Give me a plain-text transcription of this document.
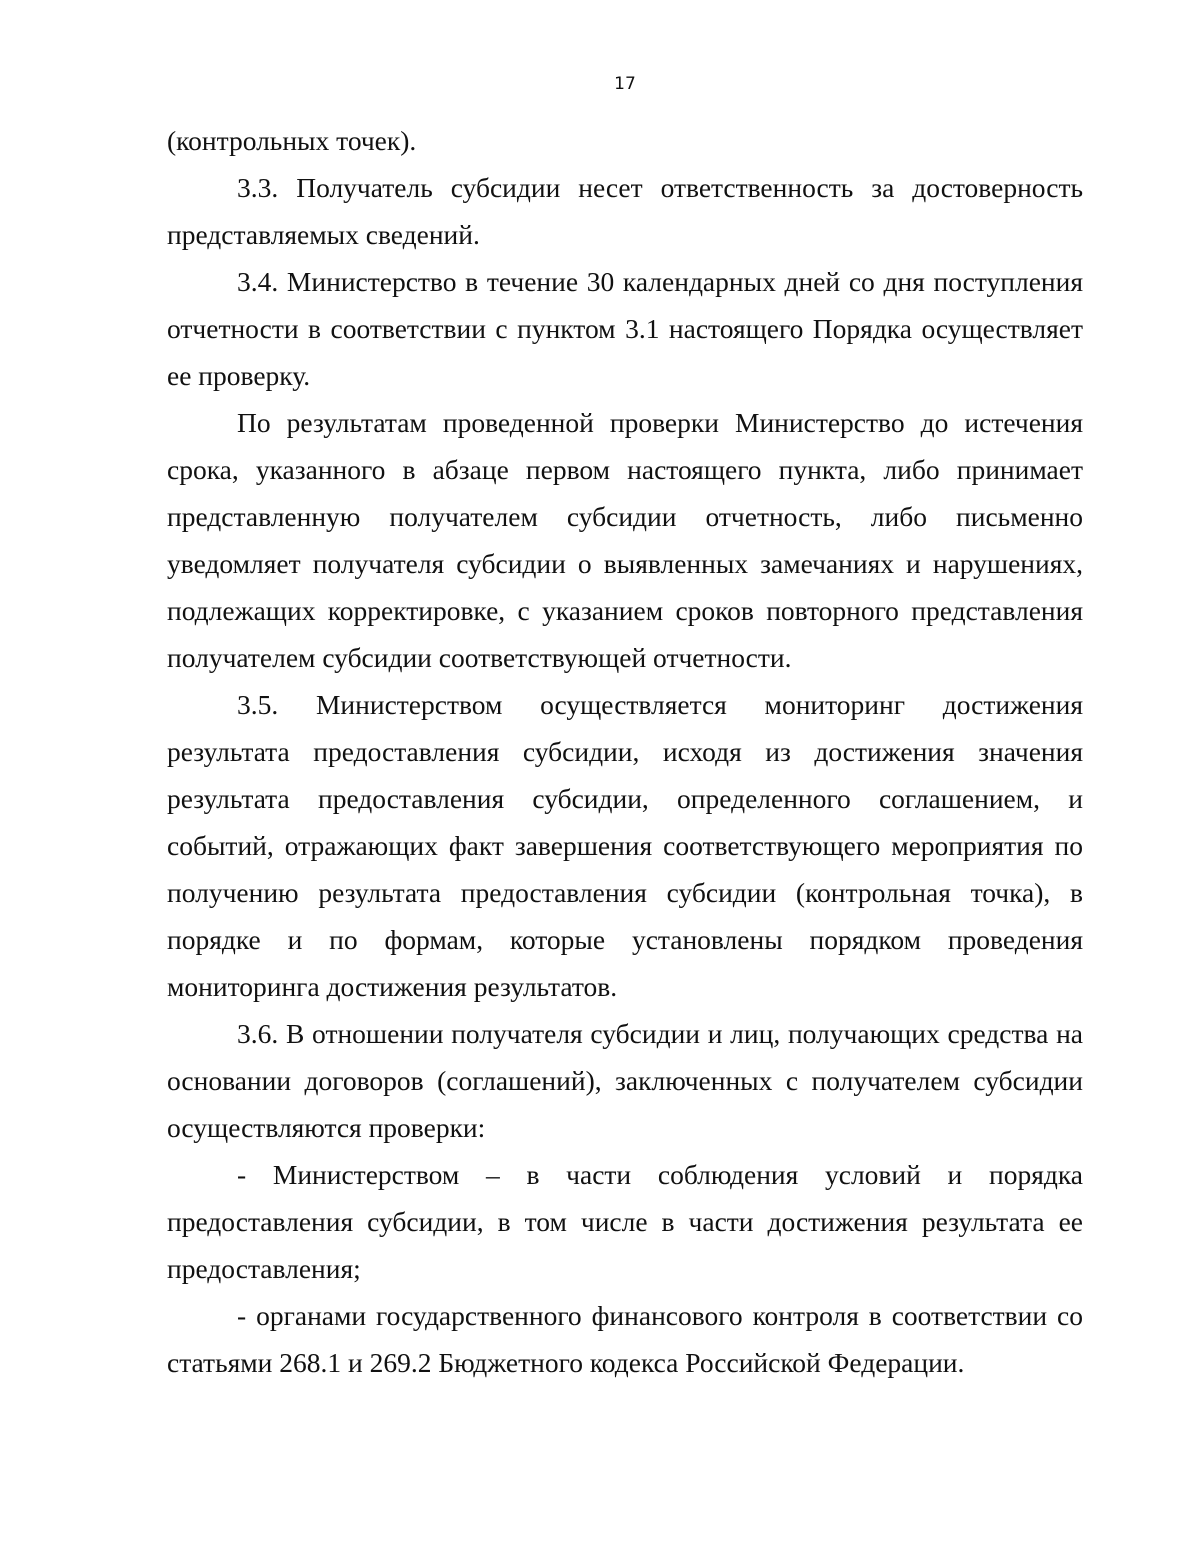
17

(контрольных точек).

3.3. Получатель субсидии несет ответственность за достоверность представляемых сведений.

3.4. Министерство в течение 30 календарных дней со дня поступления отчетности в соответствии с пунктом 3.1 настоящего Порядка осуществляет ее проверку.

По результатам проведенной проверки Министерство до истечения срока, указанного в абзаце первом настоящего пункта, либо принимает представленную получателем субсидии отчетность, либо письменно уведомляет получателя субсидии о выявленных замечаниях и нарушениях, подлежащих корректировке, с указанием сроков повторного представления получателем субсидии соответствующей отчетности.

3.5. Министерством осуществляется мониторинг достижения результата предоставления субсидии, исходя из достижения значения результата предоставления субсидии, определенного соглашением, и событий, отражающих факт завершения соответствующего мероприятия по получению результата предоставления субсидии (контрольная точка), в порядке и по формам, которые установлены порядком проведения мониторинга достижения результатов.

3.6. В отношении получателя субсидии и лиц, получающих средства на основании договоров (соглашений), заключенных с получателем субсидии осуществляются проверки:

- Министерством – в части соблюдения условий и порядка предоставления субсидии, в том числе в части достижения результата ее предоставления;

- органами государственного финансового контроля в соответствии со статьями 268.1 и 269.2 Бюджетного кодекса Российской Федерации.
